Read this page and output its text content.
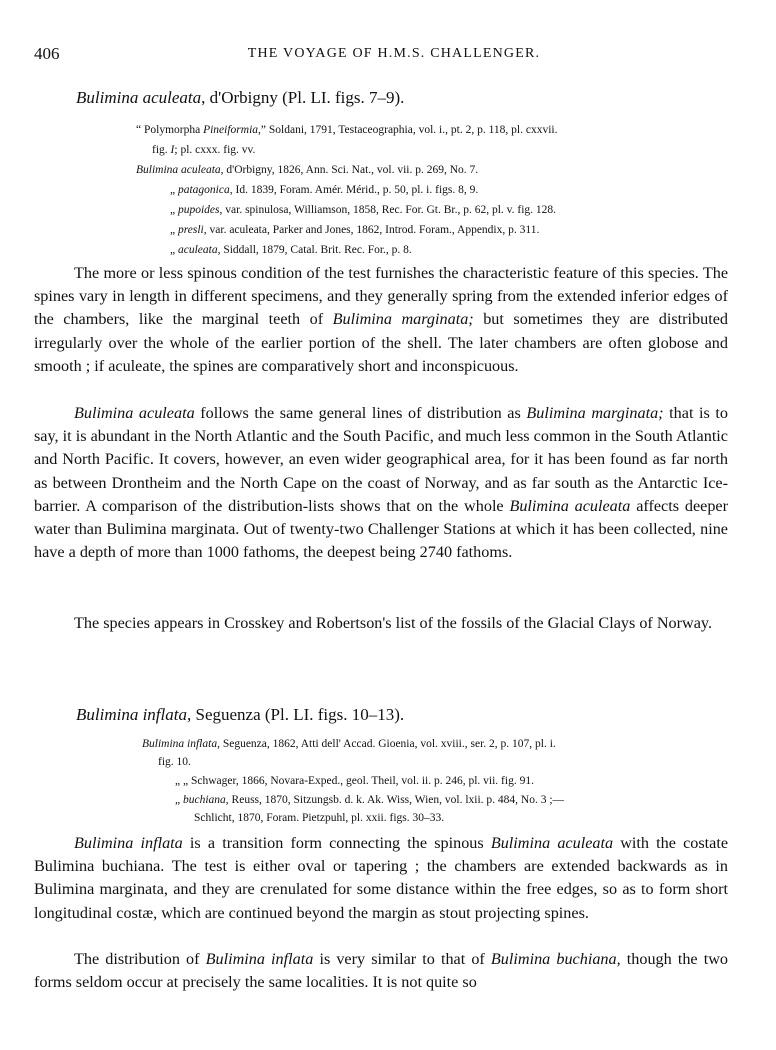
406	THE VOYAGE OF H.M.S. CHALLENGER.
Bulimina aculeata, d'Orbigny (Pl. LI. figs. 7–9).
“ Polymorpha Pineiformia,” Soldani, 1791, Testaceographia, vol. i., pt. 2, p. 118, pl. cxxvii.
fig. I; pl. cxxx. fig. vv.
Bulimina aculeata, d'Orbigny, 1826, Ann. Sci. Nat., vol. vii. p. 269, No. 7.
„ patagonica, Id. 1839, Foram. Amér. Mérid., p. 50, pl. i. figs. 8, 9.
„ pupoides, var. spinulosa, Williamson, 1858, Rec. For. Gt. Br., p. 62, pl. v. fig. 128.
„ presli, var. aculeata, Parker and Jones, 1862, Introd. Foram., Appendix, p. 311.
„ aculeata, Siddall, 1879, Catal. Brit. Rec. For., p. 8.
The more or less spinous condition of the test furnishes the characteristic feature of this species. The spines vary in length in different specimens, and they generally spring from the extended inferior edges of the chambers, like the marginal teeth of Bulimina marginata; but sometimes they are distributed irregularly over the whole of the earlier portion of the shell. The later chambers are often globose and smooth ; if aculeate, the spines are comparatively short and inconspicuous.
Bulimina aculeata follows the same general lines of distribution as Bulimina marginata; that is to say, it is abundant in the North Atlantic and the South Pacific, and much less common in the South Atlantic and North Pacific. It covers, however, an even wider geographical area, for it has been found as far north as between Drontheim and the North Cape on the coast of Norway, and as far south as the Antarctic Ice-barrier. A comparison of the distribution-lists shows that on the whole Bulimina aculeata affects deeper water than Bulimina marginata. Out of twenty-two Challenger Stations at which it has been collected, nine have a depth of more than 1000 fathoms, the deepest being 2740 fathoms.
The species appears in Crosskey and Robertson's list of the fossils of the Glacial Clays of Norway.
Bulimina inflata, Seguenza (Pl. LI. figs. 10–13).
Bulimina inflata, Seguenza, 1862, Atti dell' Accad. Gioenia, vol. xviii., ser. 2, p. 107, pl. i.
fig. 10.
„ „ Schwager, 1866, Novara-Exped., geol. Theil, vol. ii. p. 246, pl. vii. fig. 91.
„ buchiana, Reuss, 1870, Sitzungsb. d. k. Ak. Wiss, Wien, vol. lxii. p. 484, No. 3 ;—
Schlicht, 1870, Foram. Pietzpuhl, pl. xxii. figs. 30–33.
Bulimina inflata is a transition form connecting the spinous Bulimina aculeata with the costate Bulimina buchiana. The test is either oval or tapering ; the chambers are extended backwards as in Bulimina marginata, and they are crenulated for some distance within the free edges, so as to form short longitudinal costæ, which are continued beyond the margin as stout projecting spines.
The distribution of Bulimina inflata is very similar to that of Bulimina buchiana, though the two forms seldom occur at precisely the same localities. It is not quite so
